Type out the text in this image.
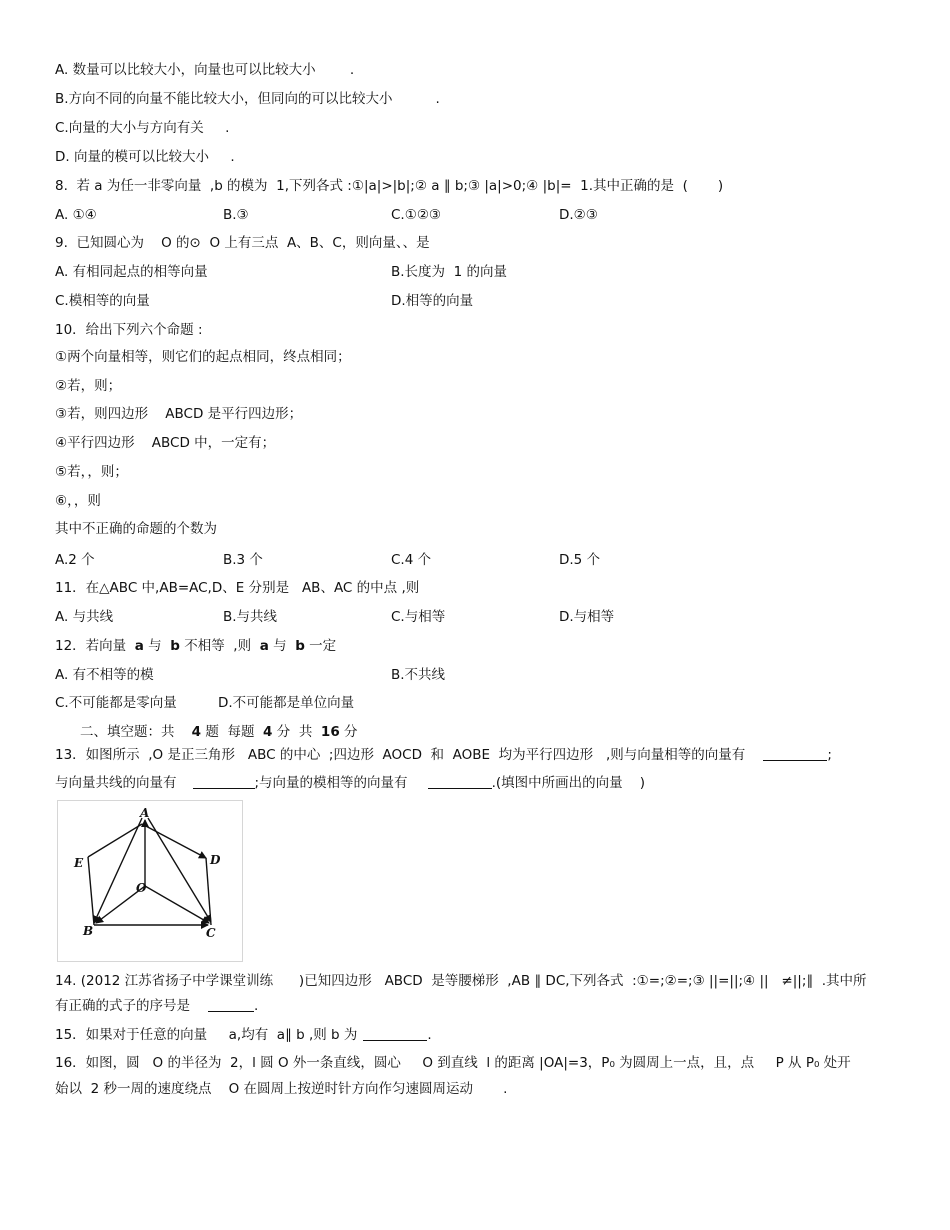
A. 数量可以比较大小，向量也可以比较大小        .
B.方向不同的向量不能比较大小，但同向的可以比较大小          .
C.向量的大小与方向有关     .
D. 向量的模可以比较大小     .
8.  若 a 为任一非零向量  ,b 的模为  1,下列各式 :①|a|>|b|;② a ∥ b;③ |a|>0;④ |b|=  1.其中正确的是  (       )
A. ①④	B.③	C.①②③	D.②③
9.  已知圆心为    O 的⊙  O 上有三点  A、B、C，则向量、、是
A. 有相同起点的相等向量	B.长度为  1 的向量
C.模相等的向量	D.相等的向量
10．给出下列六个命题 :
①两个向量相等，则它们的起点相同，终点相同；
②若，则；
③若，则四边形    ABCD 是平行四边形；
④平行四边形    ABCD 中，一定有；
⑤若，，则；
⑥，，则
其中不正确的命题的个数为
A.2 个	B.3 个	C.4 个	D.5 个
11．在△ABC 中,AB=AC,D、E 分别是   AB、AC 的中点 ,则
A. 与共线	B.与共线	C.与相等	D.与相等
12．若向量  a 与  b 不相等  ,则  a 与  b 一定
A. 有不相等的模	B.不共线
C.不可能都是零向量	D.不可能都是单位向量
二、填空题：共    4 题  每题  4 分  共  16 分
13．如图所示  ,O 是正三角形   ABC 的中心  ;四边形  AOCD  和  AOBE  均为平行四边形   ,则与向量相等的向量有	;
与向量共线的向量有	;与向量的模相等的向量有	.(填图中所画出的向量    )
A
B	C
D
E
O
14. (2012 江苏省扬子中学课堂训练      )已知四边形   ABCD  是等腰梯形  ,AB ∥ DC,下列各式  :①=;②=;③ ||=||;④ ||   ≠||;∥  .其中所
有正确的式子的序号是	.
15．如果对于任意的向量     a,均有  a∥ b ,则 b 为	.
16．如图，圆   O 的半径为  2，l 圆 O 外一条直线，圆心     O 到直线  l 的距离 |OA|=3，P₀ 为圆周上一点，且，点     P 从 P₀ 处开
始以  2 秒一周的速度绕点    O 在圆周上按逆时针方向作匀速圆周运动       .
